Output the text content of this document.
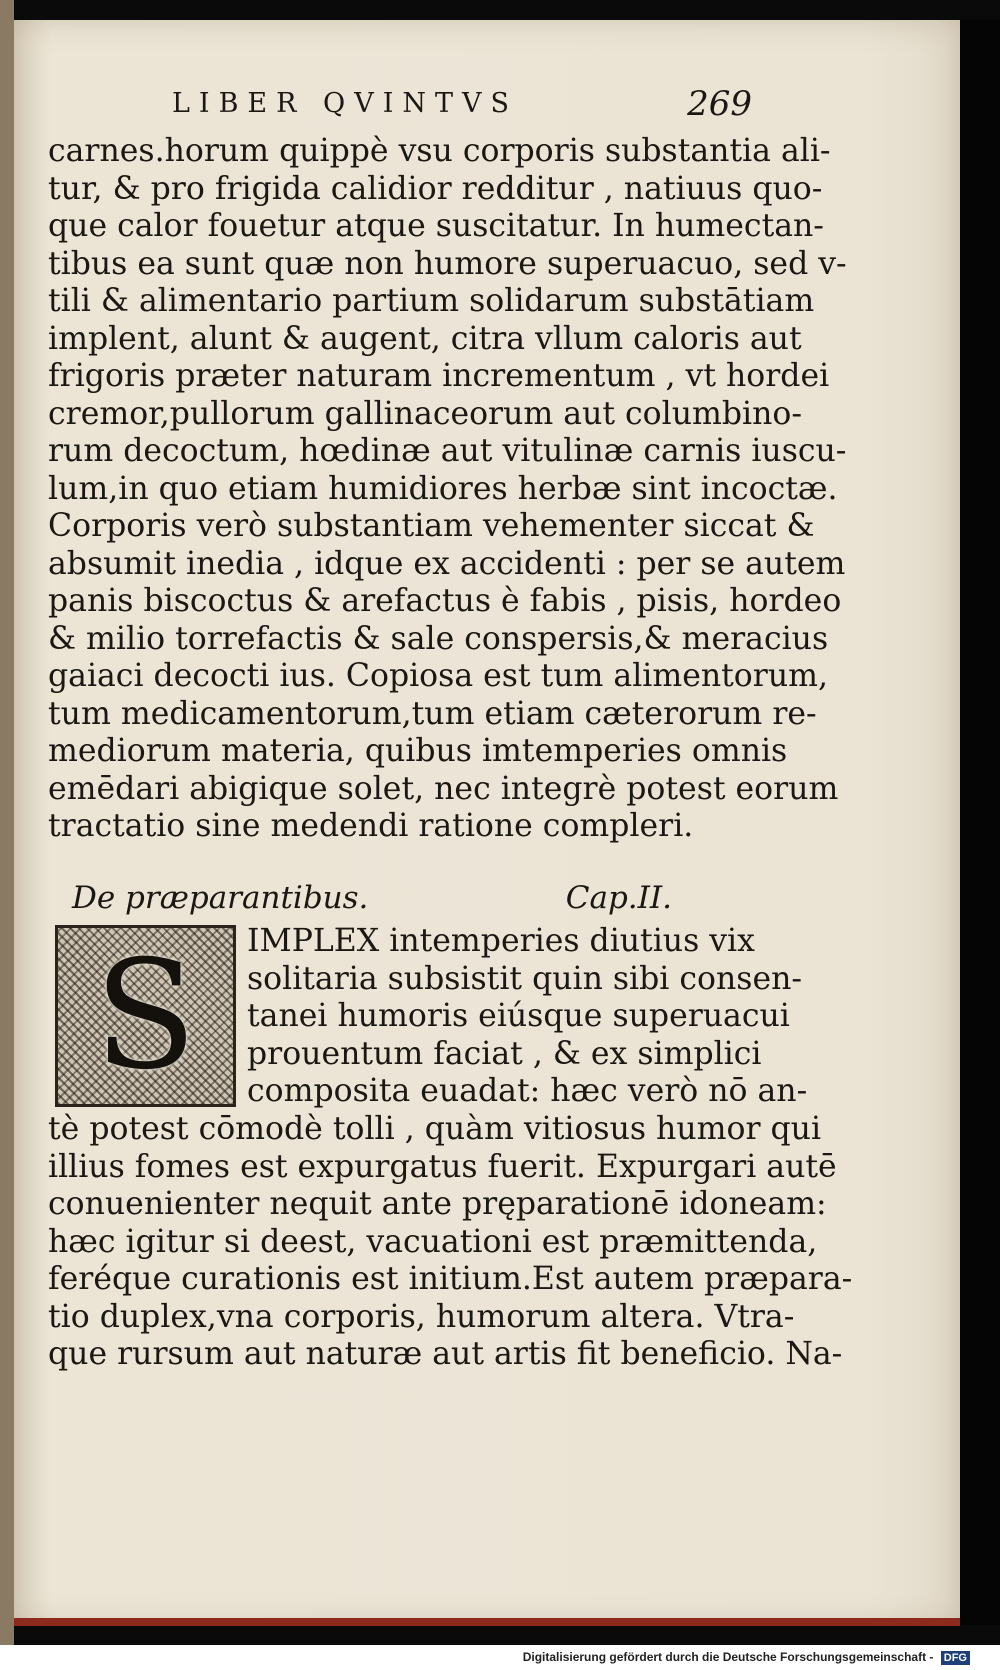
LIBER QVINTVS	269
carnes.horum quippè vsu corporis substantia ali-
tur, & pro frigida calidior redditur , natiuus quo-
que calor fouetur atque suscitatur. In humectan-
tibus ea sunt quæ non humore superuacuo, sed v-
tili & alimentario partium solidarum substātiam
implent, alunt & augent, citra vllum caloris aut
frigoris præter naturam incrementum , vt hordei
cremor,pullorum gallinaceorum aut columbino-
rum decoctum, hœdinæ aut vitulinæ carnis iuscu-
lum,in quo etiam humidiores herbæ sint incoctæ.
Corporis verò substantiam vehementer siccat &
absumit inedia , idque ex accidenti : per se autem
panis biscoctus & arefactus è fabis , pisis, hordeo
& milio torrefactis & sale conspersis,& meracius
gaiaci decocti ius. Copiosa est tum alimentorum,
tum medicamentorum,tum etiam cæterorum re-
mediorum materia, quibus imtemperies omnis
emēdari abigique solet, nec integrè potest eorum
tractatio sine medendi ratione compleri.
De præparantibus.	Cap.II.
S	IMPLEX intemperies diutius vix
solitaria subsistit quin sibi consen-
tanei humoris eiúsque superuacui
prouentum faciat , & ex simplici
composita euadat: hæc verò nō an-
tè potest cōmodè tolli , quàm vitiosus humor qui
illius fomes est expurgatus fuerit. Expurgari autē
conuenienter nequit ante pręparationē idoneam:
hæc igitur si deest, vacuationi est præmittenda,
feréque curationis est initium.Est autem præpara-
tio duplex,vna corporis, humorum altera. Vtra-
que rursum aut naturæ aut artis fit beneficio. Na-
Digitalisierung gefördert durch die Deutsche Forschungsgemeinschaft - DFG
